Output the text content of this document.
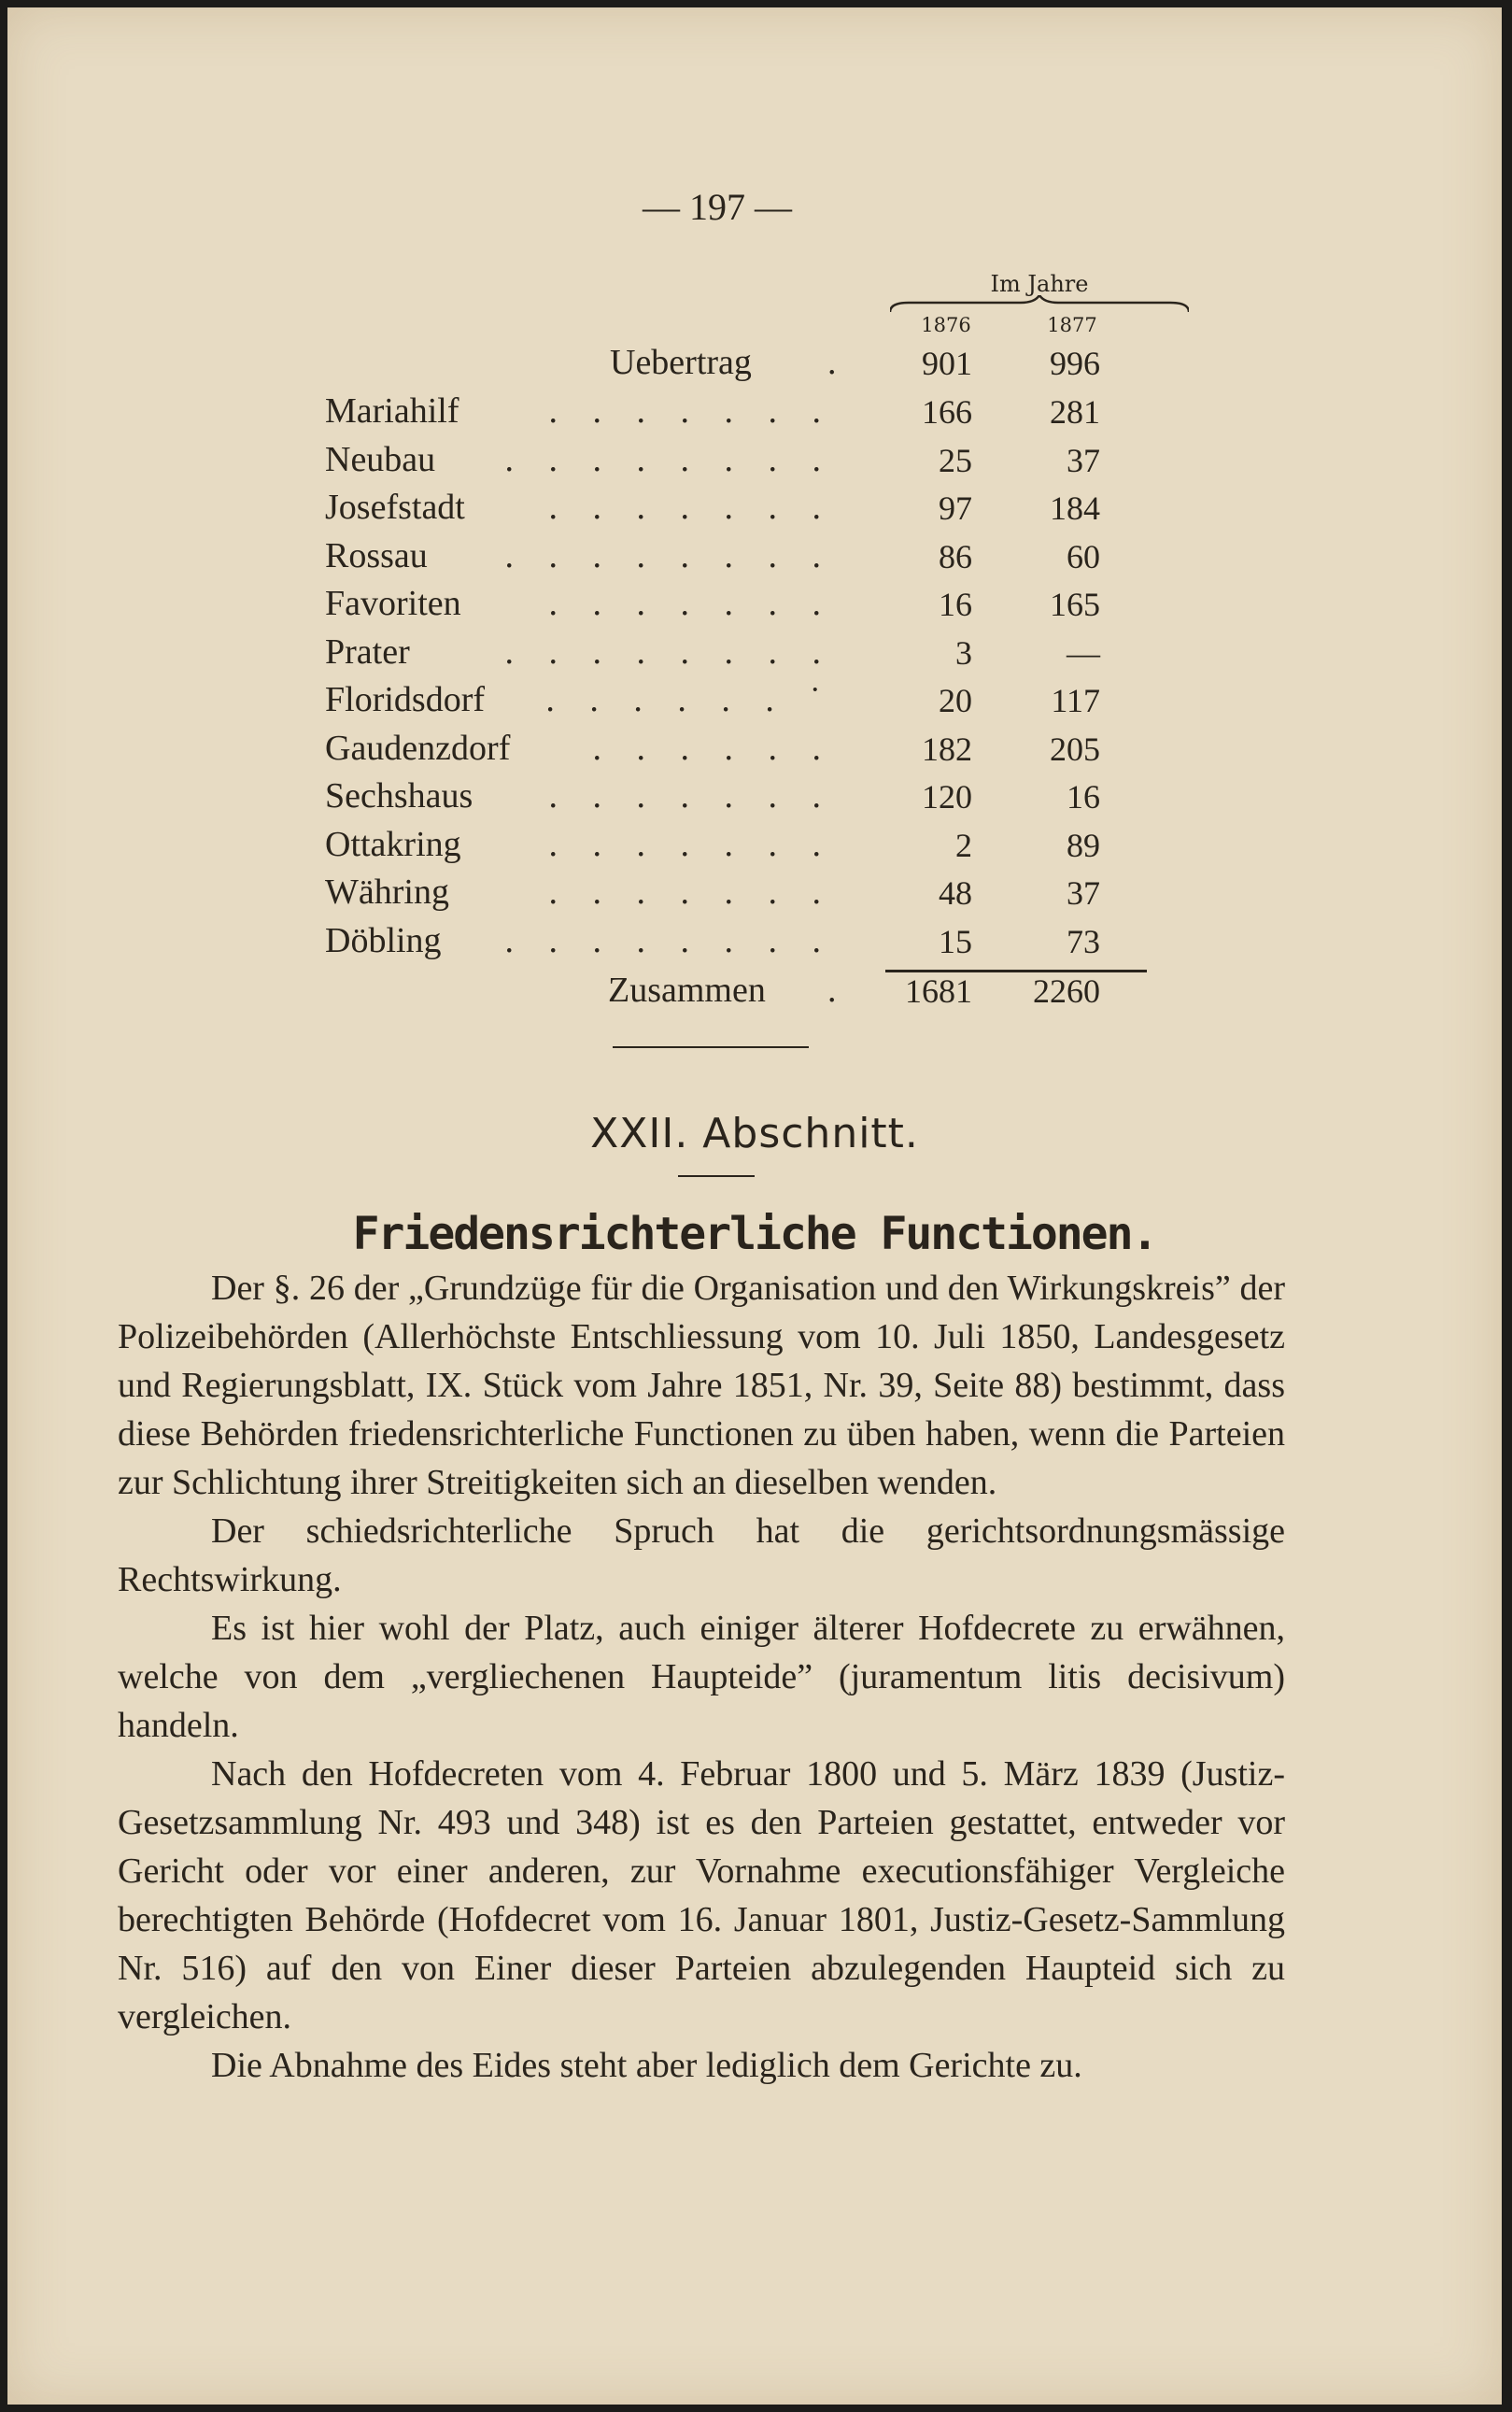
— 197 —
Im Jahre
1876	1877
Uebertrag .	901	996
Mariahilf	. . . . . . .	166	281
Neubau . . . . . . . .	25	37
Josefstadt . . . . . . .	97	184
Rossau . . . . . . . .	86	60
Favoriten . . . . . . .	16	165
Prater	. . . . . . . .	3	—
Floridsdorf . . . . . . ˙	20	117
Gaudenzdorf . . . . . .	182	205
Sechshaus . . . . . . .	120	16
Ottakring . . . . . . .	2	89
Währing	. . . . . . .	48	37
Döbling . . . . . . . .	15	73
Zusammen .	1681	2260
XXII. Abschnitt.
Friedensrichterliche Functionen.

Der §. 26 der „Grundzüge für die Organisation und den Wirkungskreis” der Polizeibehörden (Allerhöchste Entschliessung vom 10. Juli 1850, Landesgesetz und Regierungsblatt, IX. Stück vom Jahre 1851, Nr. 39, Seite 88) bestimmt, dass diese Behörden friedensrichterliche Functionen zu üben haben, wenn die Parteien zur Schlichtung ihrer Streitigkeiten sich an dieselben wenden.

Der schiedsrichterliche Spruch hat die gerichtsordnungsmässige Rechtswirkung.

Es ist hier wohl der Platz, auch einiger älterer Hofdecrete zu erwähnen, welche von dem „vergliechenen Haupteide” (juramentum litis decisivum) handeln.

Nach den Hofdecreten vom 4. Februar 1800 und 5. März 1839 (Justiz-Gesetzsammlung Nr. 493 und 348) ist es den Parteien gestattet, entweder vor Gericht oder vor einer anderen, zur Vornahme executionsfähiger Vergleiche berechtigten Behörde (Hofdecret vom 16. Januar 1801, Justiz-Gesetz-Sammlung Nr. 516) auf den von Einer dieser Parteien abzulegenden Haupteid sich zu vergleichen.

Die Abnahme des Eides steht aber lediglich dem Gerichte zu.
